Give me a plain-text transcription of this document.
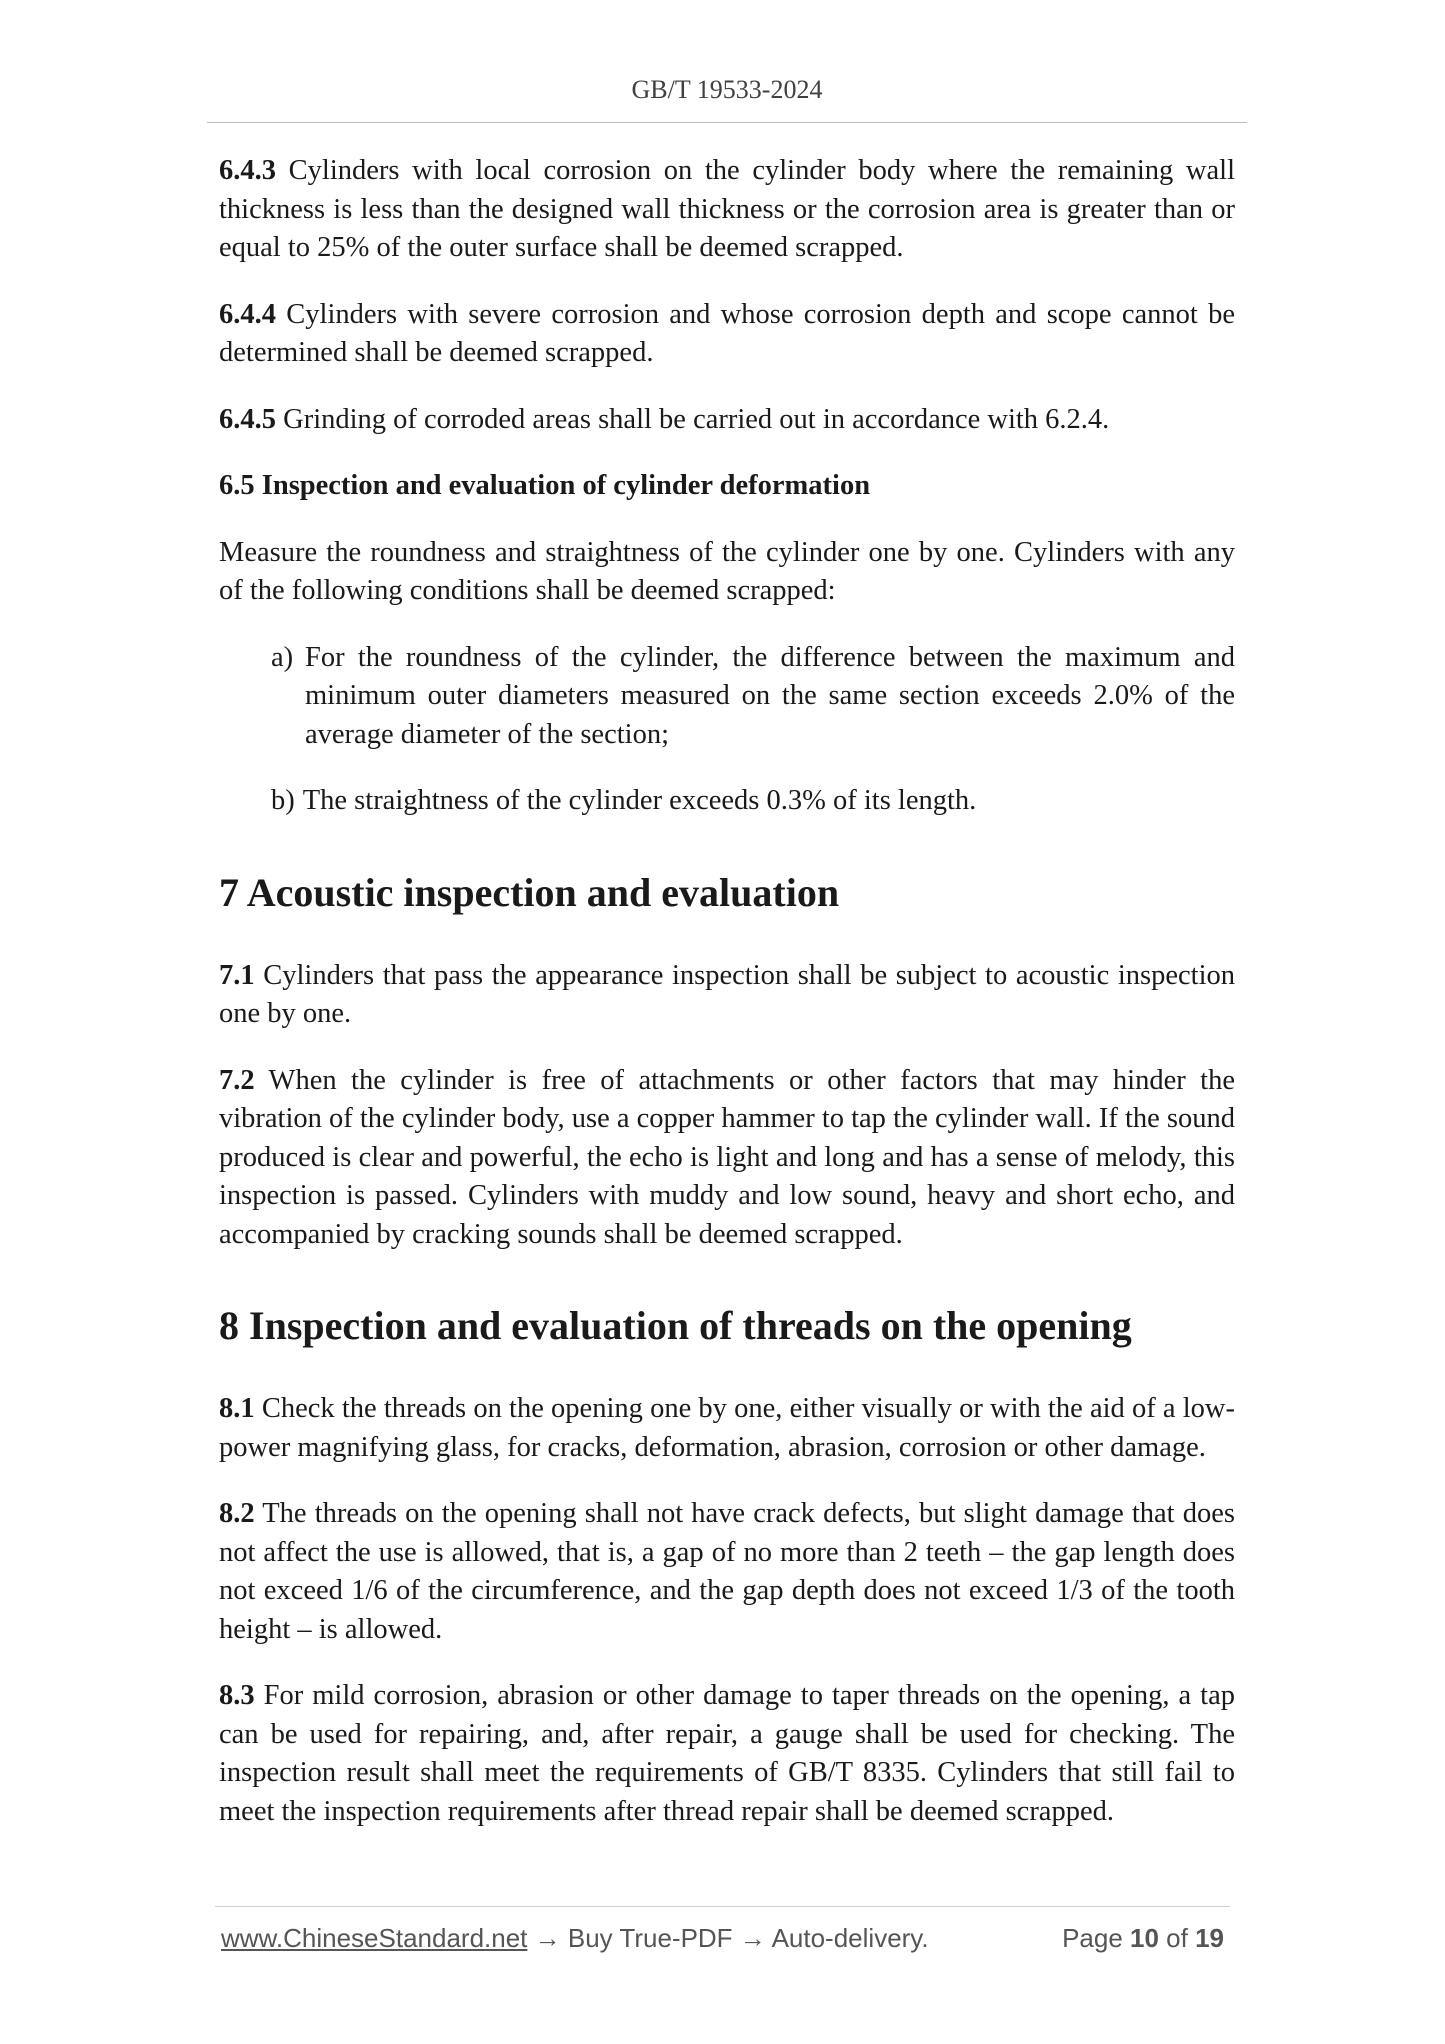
GB/T 19533-2024

6.4.3 Cylinders with local corrosion on the cylinder body where the remaining wall thickness is less than the designed wall thickness or the corrosion area is greater than or equal to 25% of the outer surface shall be deemed scrapped.

6.4.4 Cylinders with severe corrosion and whose corrosion depth and scope cannot be determined shall be deemed scrapped.

6.4.5 Grinding of corroded areas shall be carried out in accordance with 6.2.4.

6.5 Inspection and evaluation of cylinder deformation

Measure the roundness and straightness of the cylinder one by one. Cylinders with any of the following conditions shall be deemed scrapped:

a) For the roundness of the cylinder, the difference between the maximum and minimum outer diameters measured on the same section exceeds 2.0% of the average diameter of the section;
b) The straightness of the cylinder exceeds 0.3% of its length.
7 Acoustic inspection and evaluation

7.1 Cylinders that pass the appearance inspection shall be subject to acoustic inspection one by one.

7.2 When the cylinder is free of attachments or other factors that may hinder the vibration of the cylinder body, use a copper hammer to tap the cylinder wall. If the sound produced is clear and powerful, the echo is light and long and has a sense of melody, this inspection is passed. Cylinders with muddy and low sound, heavy and short echo, and accompanied by cracking sounds shall be deemed scrapped.

8 Inspection and evaluation of threads on the opening

8.1 Check the threads on the opening one by one, either visually or with the aid of a low-power magnifying glass, for cracks, deformation, abrasion, corrosion or other damage.

8.2 The threads on the opening shall not have crack defects, but slight damage that does not affect the use is allowed, that is, a gap of no more than 2 teeth – the gap length does not exceed 1/6 of the circumference, and the gap depth does not exceed 1/3 of the tooth height – is allowed.

8.3 For mild corrosion, abrasion or other damage to taper threads on the opening, a tap can be used for repairing, and, after repair, a gauge shall be used for checking. The inspection result shall meet the requirements of GB/T 8335. Cylinders that still fail to meet the inspection requirements after thread repair shall be deemed scrapped.

www.ChineseStandard.net → Buy True-PDF → Auto-delivery.	Page 10 of 19
